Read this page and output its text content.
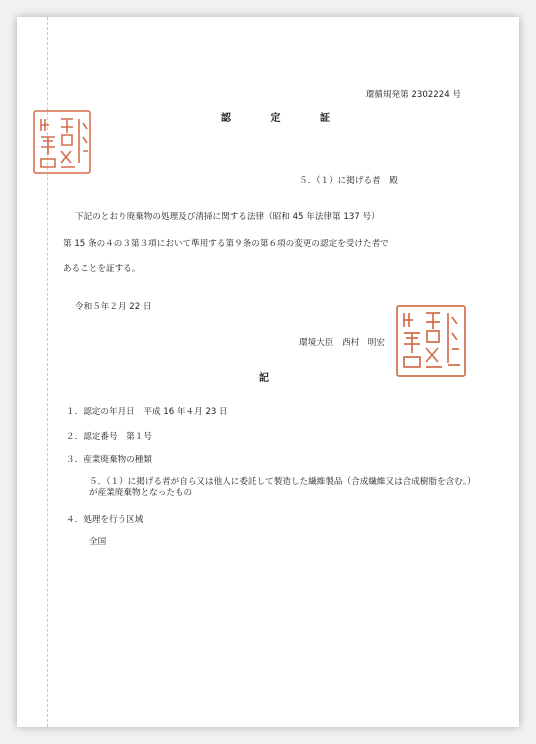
環循規発第 2302224 号
認 定 証
５．（１）に掲げる者　殿
下記のとおり廃棄物の処理及び清掃に関する法律（昭和 45 年法律第 137 号）
第 15 条の４の３第３項において準用する第９条の第６項の変更の認定を受けた者で
あることを証する。
令和５年２月 22 日
環境大臣　西村　明宏
記
１．認定の年月日　平成 16 年４月 23 日
２．認定番号　第１号
３．産業廃棄物の種類
５．（１）に掲げる者が自ら又は他人に委託して製造した繊維製品（合成繊維又は合成樹脂を含む。）が産業廃棄物となったもの
４．処理を行う区域
全国
